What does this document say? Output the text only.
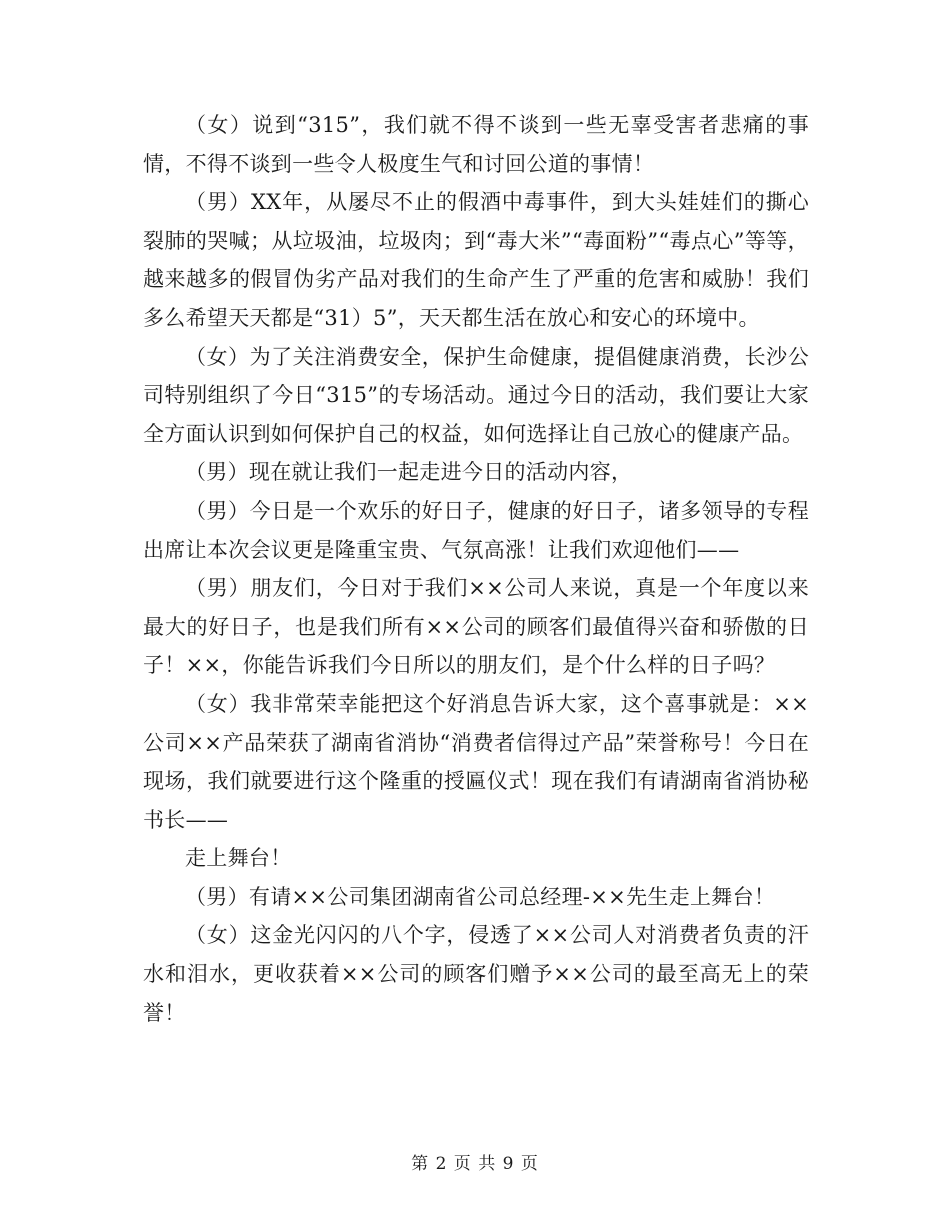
（女）说到“315”，我们就不得不谈到一些无辜受害者悲痛的事情，不得不谈到一些令人极度生气和讨回公道的事情！

（男）XX年，从屡尽不止的假酒中毒事件，到大头娃娃们的撕心裂肺的哭喊；从垃圾油，垃圾肉；到“毒大米”“毒面粉”“毒点心”等等，越来越多的假冒伪劣产品对我们的生命产生了严重的危害和威胁！我们多么希望天天都是“31）5”，天天都生活在放心和安心的环境中。

（女）为了关注消费安全，保护生命健康，提倡健康消费，长沙公司特别组织了今日“315”的专场活动。通过今日的活动，我们要让大家全方面认识到如何保护自己的权益，如何选择让自己放心的健康产品。

（男）现在就让我们一起走进今日的活动内容，

（男）今日是一个欢乐的好日子，健康的好日子，诸多领导的专程出席让本次会议更是隆重宝贵、气氛高涨！让我们欢迎他们——

（男）朋友们，今日对于我们××公司人来说，真是一个年度以来最大的好日子，也是我们所有××公司的顾客们最值得兴奋和骄傲的日子！××，你能告诉我们今日所以的朋友们，是个什么样的日子吗？

（女）我非常荣幸能把这个好消息告诉大家，这个喜事就是：××公司××产品荣获了湖南省消协“消费者信得过产品”荣誉称号！今日在现场，我们就要进行这个隆重的授匾仪式！现在我们有请湖南省消协秘书长——

走上舞台！

（男）有请××公司集团湖南省公司总经理-××先生走上舞台！

（女）这金光闪闪的八个字，侵透了××公司人对消费者负责的汗水和泪水，更收获着××公司的顾客们赠予××公司的最至高无上的荣誉！

第 2 页 共 9 页
